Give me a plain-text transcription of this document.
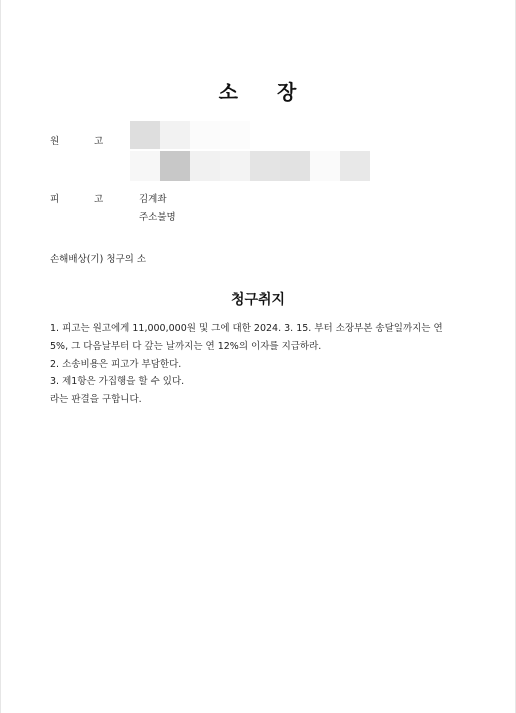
소 장
원	고
피	고	김계좌
주소불명
손해배상(기) 청구의 소
청구취지
1. 피고는 원고에게 11,000,000원 및 그에 대한 2024. 3. 15. 부터 소장부본 송달일까지는 연
5%, 그 다음날부터 다 갚는 날까지는 연 12%의 이자를 지급하라.
2. 소송비용은 피고가 부담한다.
3. 제1항은 가집행을 할 수 있다.
라는 판결을 구합니다.
